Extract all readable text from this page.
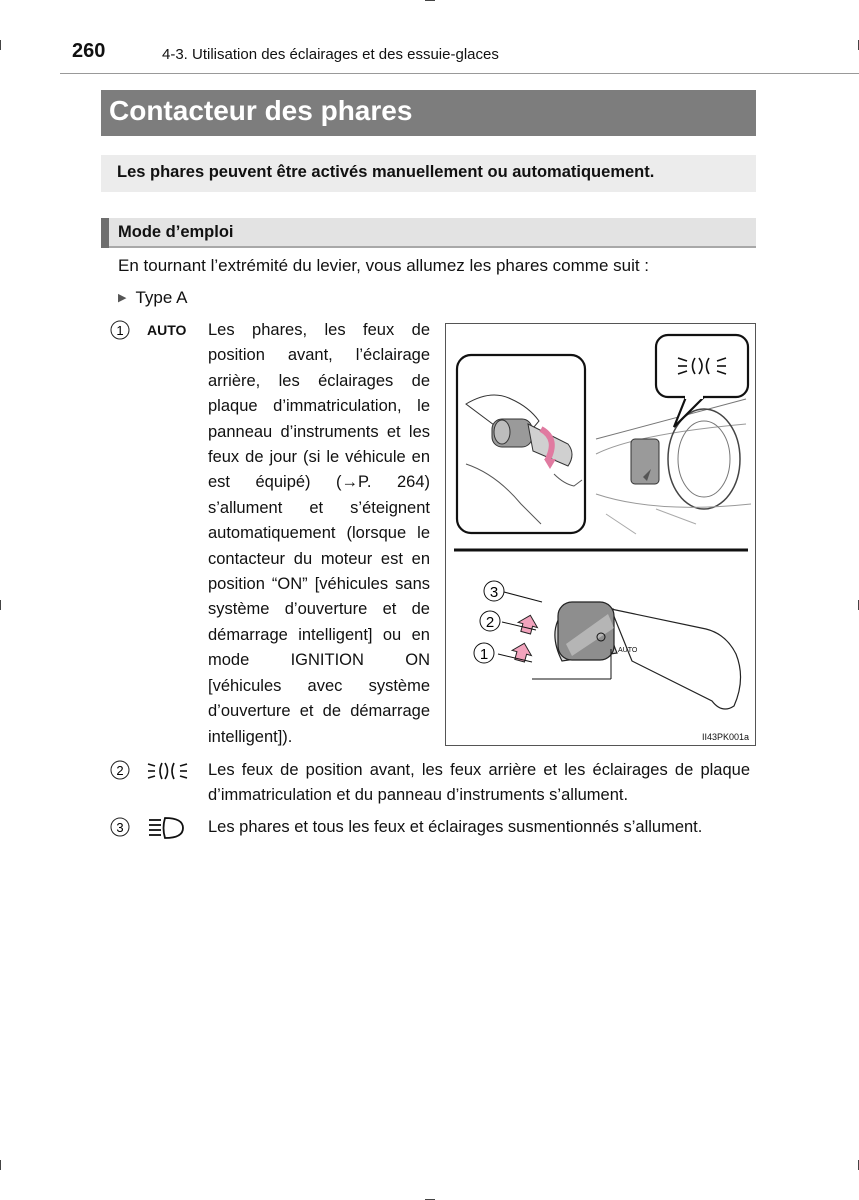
260	4-3. Utilisation des éclairages et des essuie-glaces
Contacteur des phares
Les phares peuvent être activés manuellement ou automatiquement.
Mode d’emploi
En tournant l’extrémité du levier, vous allumez les phares comme suit :
▶ Type A
1 AUTO Les phares, les feux de position avant, l’éclairage arrière, les éclairages de plaque d’immatriculation, le panneau d’instruments et les feux de jour (si le véhicule en est équipé) (→P. 264) s’allument et s’éteignent automatiquement (lorsque le contacteur du moteur est en position “ON” [véhicules sans système d’ouverture et de démarrage intelligent] ou en mode IGNITION ON [véhicules avec système d’ouverture et de démarrage intelligent]).
AUTO
3
2
1
II43PK001a
2	Les feux de position avant, les feux arrière et les éclairages de plaque d’immatriculation et du panneau d’instruments s’allument.
3	Les phares et tous les feux et éclairages susmentionnés s’allument.
